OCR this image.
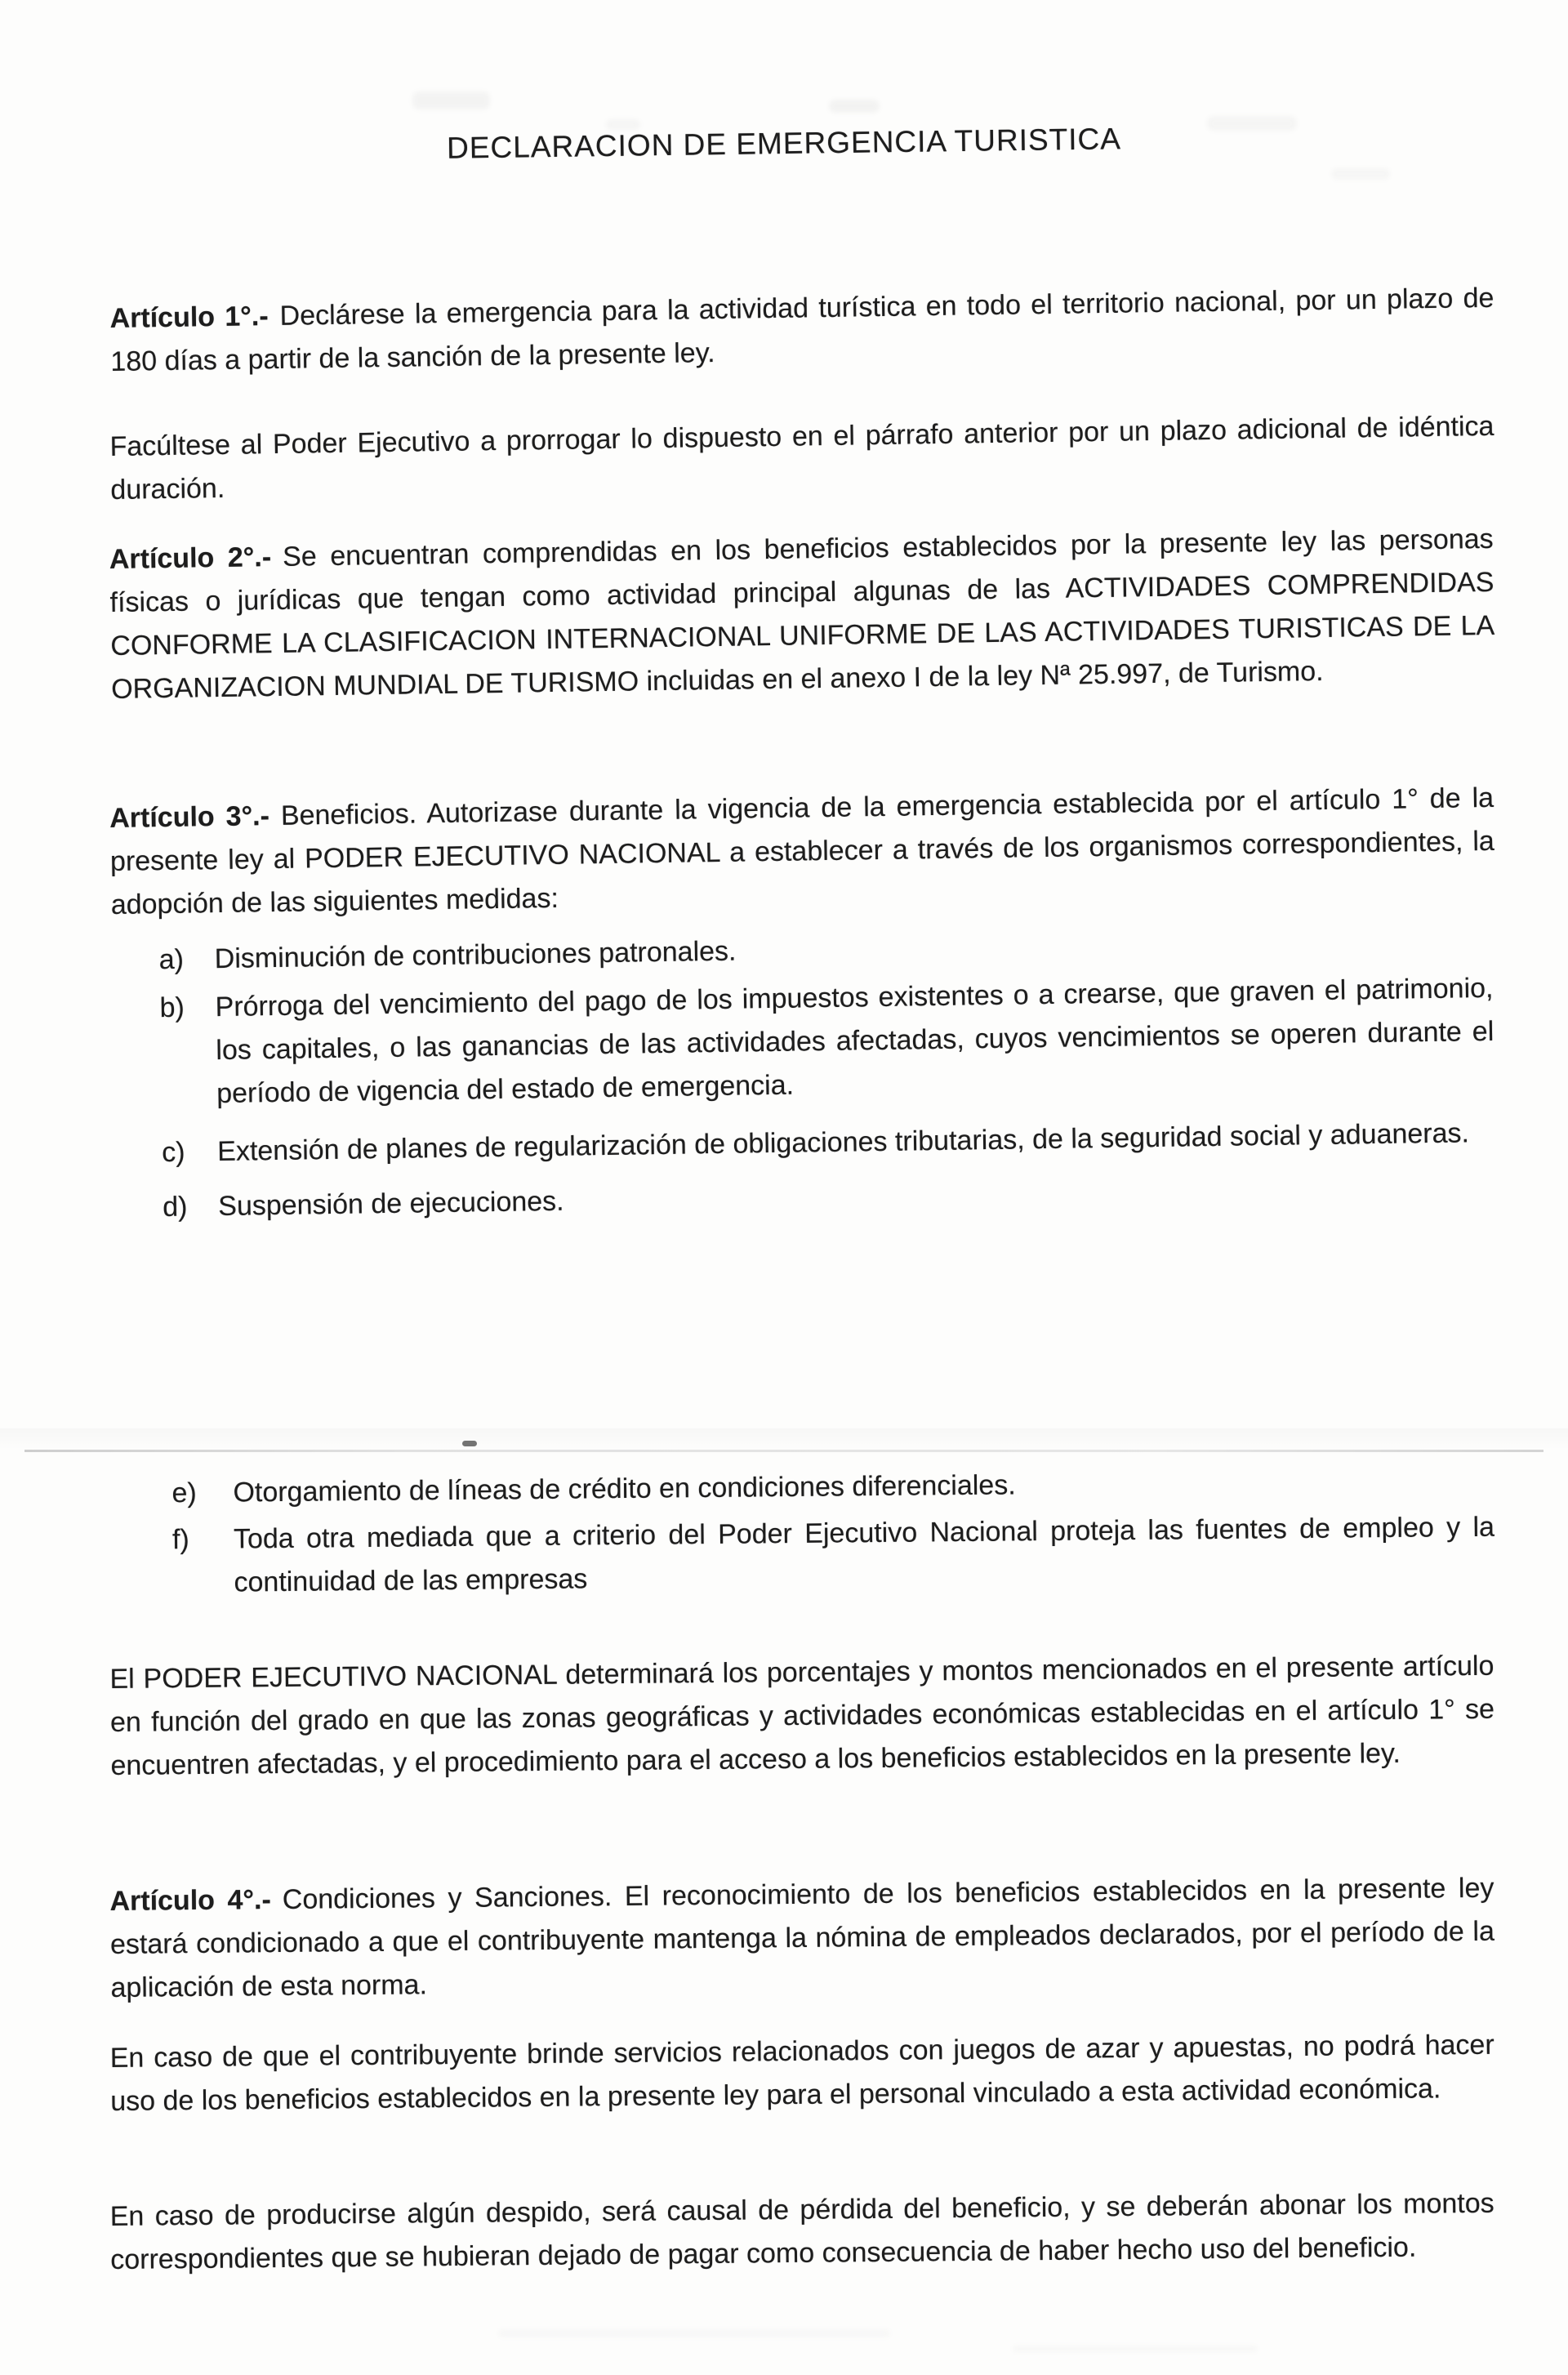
DECLARACION DE EMERGENCIA TURISTICA

Artículo 1°.- Declárese la emergencia para la actividad turística en todo el territorio nacional, por un plazo de 180 días a partir de la sanción de la presente ley.

Facúltese al Poder Ejecutivo a prorrogar lo dispuesto en el párrafo anterior por un plazo adicional de idéntica duración.

Artículo 2°.- Se encuentran comprendidas en los beneficios establecidos por la presente ley las personas físicas o jurídicas que tengan como actividad principal algunas de las ACTIVIDADES COMPRENDIDAS CONFORME LA CLASIFICACION INTERNACIONAL UNIFORME DE LAS ACTIVIDADES TURISTICAS DE LA ORGANIZACION MUNDIAL DE TURISMO incluidas en el anexo I de la ley Nª 25.997, de Turismo.

Artículo 3°.- Beneficios. Autorizase durante la vigencia de la emergencia establecida por el artículo 1° de la presente ley al PODER EJECUTIVO NACIONAL a establecer a través de los organismos correspondientes, la adopción de las siguientes medidas:

a)	Disminución de contribuciones patronales.
b)	Prórroga del vencimiento del pago de los impuestos existentes o a crearse, que graven el patrimonio, los capitales, o las ganancias de las actividades afectadas, cuyos vencimientos se operen durante el período de vigencia del estado de emergencia.
c)	Extensión de planes de regularización de obligaciones tributarias, de la seguridad social y aduaneras.
d)	Suspensión de ejecuciones.
e)	Otorgamiento de líneas de crédito en condiciones diferenciales.
f)	Toda otra mediada que a criterio del Poder Ejecutivo Nacional proteja las fuentes de empleo y la continuidad de las empresas

El PODER EJECUTIVO NACIONAL determinará los porcentajes y montos mencionados en el presente artículo en función del grado en que las zonas geográficas y actividades económicas establecidas en el artículo 1° se encuentren afectadas, y el procedimiento para el acceso a los beneficios establecidos en la presente ley.

Artículo 4°.- Condiciones y Sanciones. El reconocimiento de los beneficios establecidos en la presente ley estará condicionado a que el contribuyente mantenga la nómina de empleados declarados, por el período de la aplicación de esta norma.

En caso de que el contribuyente brinde servicios relacionados con juegos de azar y apuestas, no podrá hacer uso de los beneficios establecidos en la presente ley para el personal vinculado a esta actividad económica.

En caso de producirse algún despido, será causal de pérdida del beneficio, y se deberán abonar los montos correspondientes que se hubieran dejado de pagar como consecuencia de haber hecho uso del beneficio.
